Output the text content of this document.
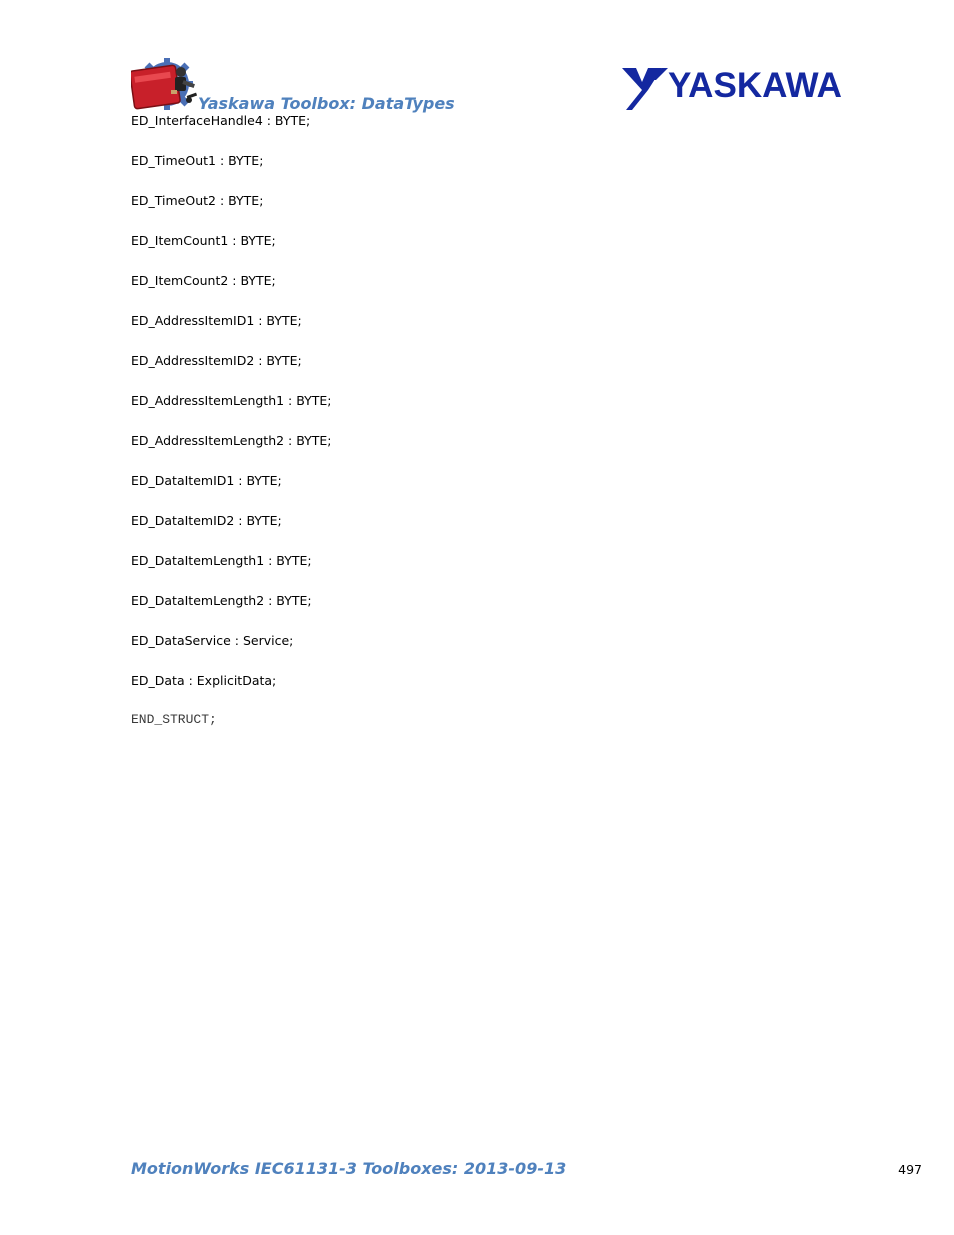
Yaskawa Toolbox: DataTypes	YASKAWA
ED_InterfaceHandle4 : BYTE;
ED_TimeOut1 : BYTE;
ED_TimeOut2 : BYTE;
ED_ItemCount1 : BYTE;
ED_ItemCount2 : BYTE;
ED_AddressItemID1 : BYTE;
ED_AddressItemID2 : BYTE;
ED_AddressItemLength1 : BYTE;
ED_AddressItemLength2 : BYTE;
ED_DataItemID1 : BYTE;
ED_DataItemID2 : BYTE;
ED_DataItemLength1 : BYTE;
ED_DataItemLength2 : BYTE;
ED_DataService : Service;
ED_Data : ExplicitData;
END_STRUCT;
MotionWorks IEC61131-3 Toolboxes: 2013-09-13	497
